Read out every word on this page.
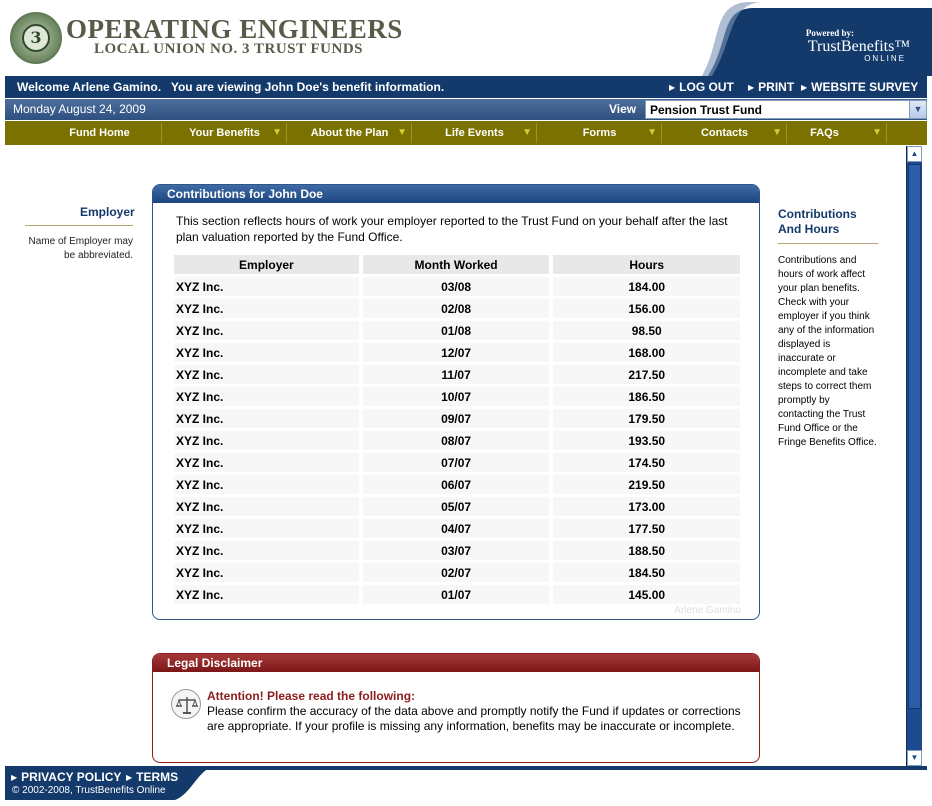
3 OPERATING ENGINEERS
LOCAL UNION NO. 3 TRUST FUNDS
Powered by:
TrustBenefits™
ONLINE
Welcome Arlene Gamino.   You are viewing John Doe's benefit information.	▶ LOG OUT ▶ PRINT ▶ WEBSITE SURVEY
Monday August 24, 2009	View Pension Trust Fund	▼
Fund Home	Your Benefits ▼	About the Plan ▼	Life Events ▼	Forms	▼	Contacts ▼	FAQs	▼
▲
▼
Employer
Name of Employer may be abbreviated.
Contributions for John Doe
This section reflects hours of work your employer reported to the Trust Fund on your behalf after the last plan valuation reported by the Fund Office.
Employer	Month Worked	Hours
XYZ Inc.	03/08	184.00
XYZ Inc.	02/08	156.00
XYZ Inc.	01/08	98.50
XYZ Inc.	12/07	168.00
XYZ Inc.	11/07	217.50
XYZ Inc.	10/07	186.50
XYZ Inc.	09/07	179.50
XYZ Inc.	08/07	193.50
XYZ Inc.	07/07	174.50
XYZ Inc.	06/07	219.50
XYZ Inc.	05/07	173.00
XYZ Inc.	04/07	177.50
XYZ Inc.	03/07	188.50
XYZ Inc.	02/07	184.50
XYZ Inc.	01/07	145.00
Arlene Gamino
Contributions And Hours
Contributions and hours of work affect your plan benefits. Check with your employer if you think any of the information displayed is inaccurate or incomplete and take steps to correct them promptly by contacting the Trust Fund Office or the Fringe Benefits Office.
Legal Disclaimer
Attention! Please read the following:
Please confirm the accuracy of the data above and promptly notify the Fund if updates or corrections are appropriate. If your profile is missing any information, benefits may be inaccurate or incomplete.
▶ PRIVACY POLICY ▶ TERMS
© 2002-2008, TrustBenefits Online
